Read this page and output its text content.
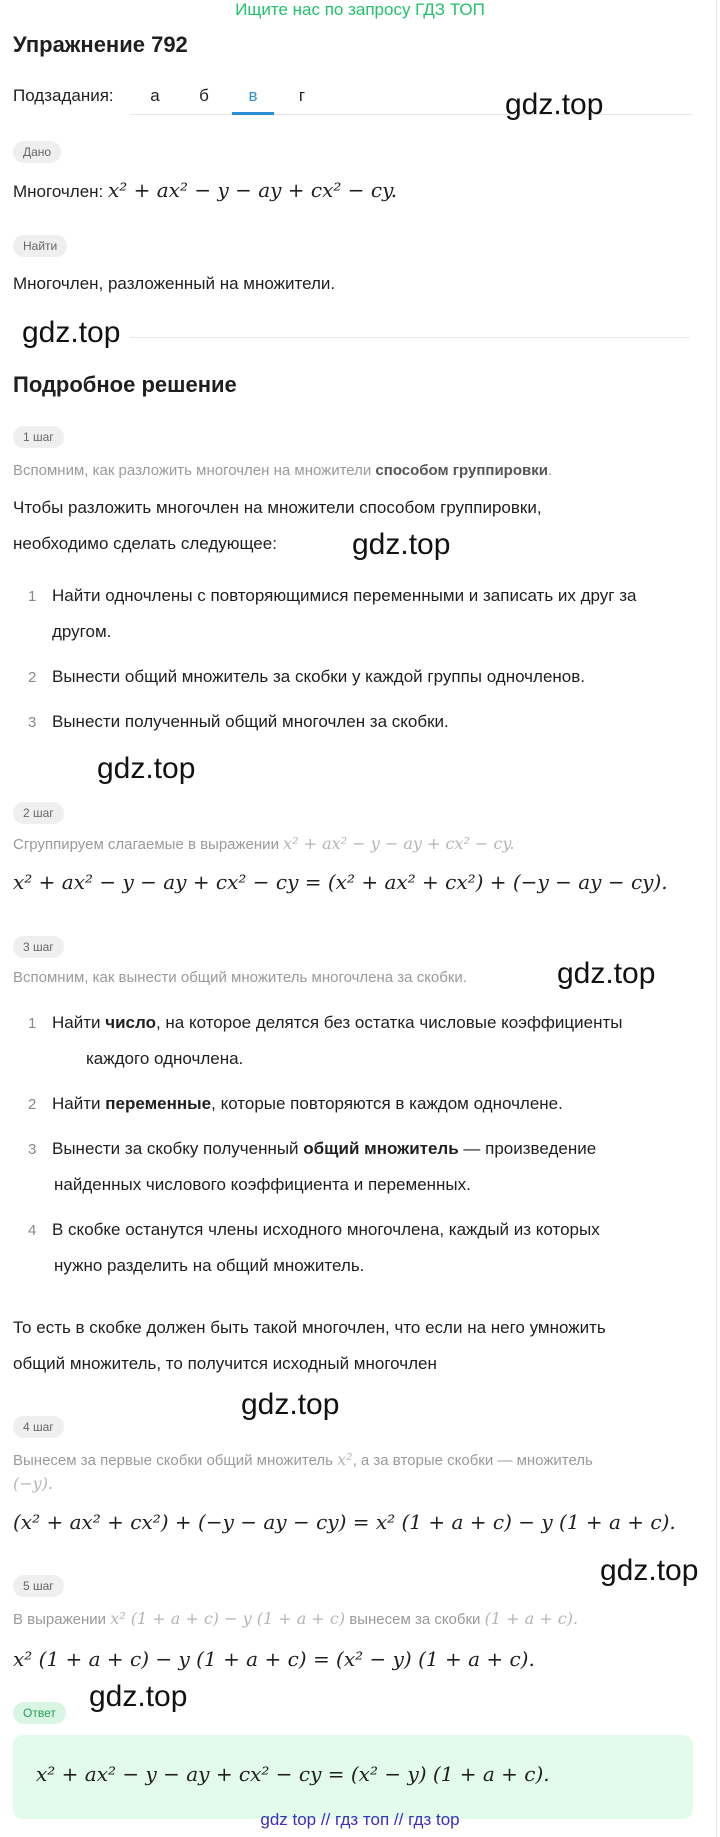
Ищите нас по запросу ГДЗ ТОП
Упражнение 792
Подзадания:	а	б	в	г	gdz.top
gdz.top
gdz.top
gdz.top
gdz.top
gdz.top
gdz.top
gdz.top
Дано
Многочлен: x² + ax² − y − ay + cx² − cy.
Найти
Многочлен, разложенный на множители.
Подробное решение
1 шаг
Вспомним, как разложить многочлен на множители способом группировки.
Чтобы разложить многочлен на множители способом группировки,
необходимо сделать следующее:
1 Найти одночлены с повторяющимися переменными и записать их друг за
другом.
2 Вынести общий множитель за скобки у каждой группы одночленов.
3 Вынести полученный общий многочлен за скобки.
2 шаг
Сгруппируем слагаемые в выражении x² + ax² − y − ay + cx² − cy.
x² + ax² − y − ay + cx² − cy = (x² + ax² + cx²) + (−y − ay − cy).
3 шаг
Вспомним, как вынести общий множитель многочлена за скобки.
1 Найти число, на которое делятся без остатка числовые коэффициенты
каждого одночлена.
2 Найти переменные, которые повторяются в каждом одночлене.
3 Вынести за скобку полученный общий множитель — произведение
найденных числового коэффициента и переменных.
4 В скобке останутся члены исходного многочлена, каждый из которых
нужно разделить на общий множитель.
То есть в скобке должен быть такой многочлен, что если на него умножить
общий множитель, то получится исходный многочлен
4 шаг
Вынесем за первые скобки общий множитель x², а за вторые скобки — множитель
(−y).
(x² + ax² + cx²) + (−y − ay − cy) = x² (1 + a + c) − y (1 + a + c).
5 шаг
В выражении x² (1 + a + c) − y (1 + a + c) вынесем за скобки (1 + a + c).
x² (1 + a + c) − y (1 + a + c) = (x² − y) (1 + a + c).
Ответ
x² + ax² − y − ay + cx² − cy = (x² − y) (1 + a + c).
gdz top // гдз топ // гдз top
